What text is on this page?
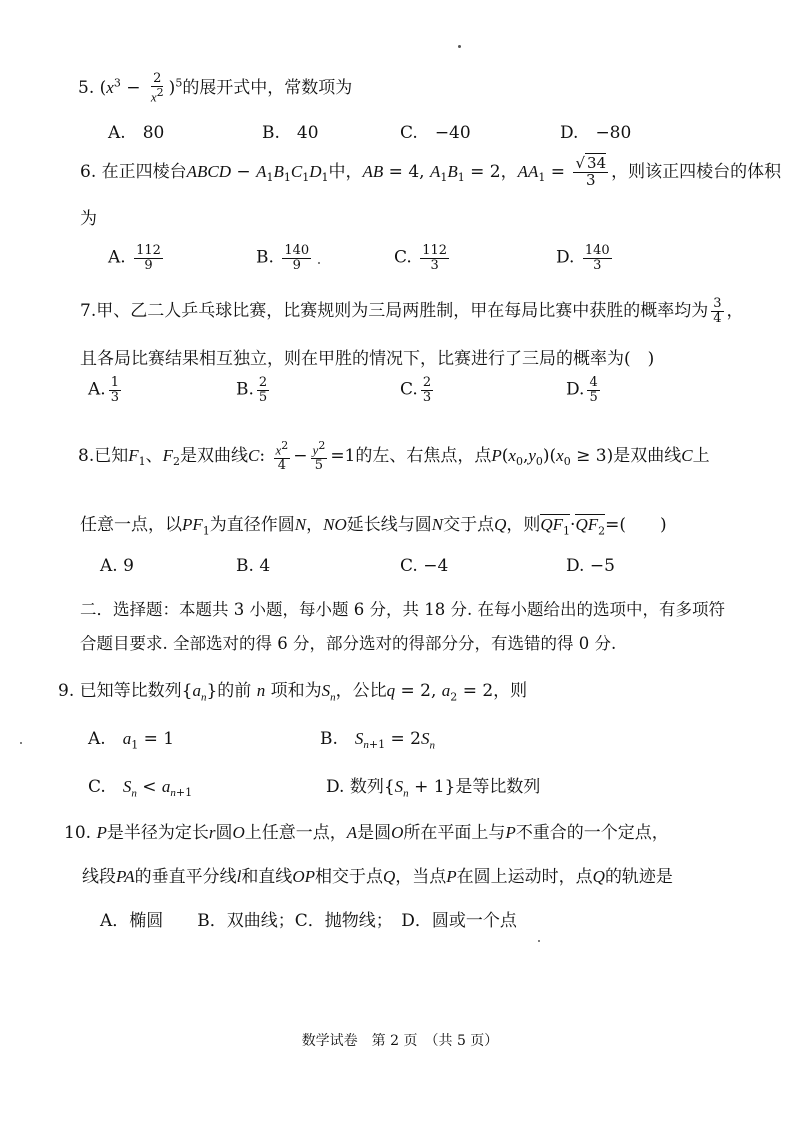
5. $(x^3 - \frac{2}{x^2} )^5$的展开式中，常数项为
A.　 80	B.　 40	C.　 −40	D.　 −80
6. 在正四棱台ABCD − $A_1B_1C_1D_1$中，AB = 4, $A_1B_1 = 2$，$AA_1 = \frac{√ 34}{3}$ ，则该正四棱台的体积
为
A. $\frac{112}{9}$	B. $\frac{140}{9}$	C. $\frac{112}{3}$	D. $\frac{140}{3}$
7.甲、乙二人乒乓球比赛，比赛规则为三局两胜制，甲在每局比赛中获胜的概率均为 $\frac{3}{4}$ ，
且各局比赛结果相互独立，则在甲胜的情况下，比赛进行了三局的概率为(　)
A. $\frac{1}{3}$	B. $\frac{2}{5}$	C. $\frac{2}{3}$	D. $\frac{4}{5}$
8.已知$F_1$、$F_2$是双曲线C: $\frac{x^2}{4} - \frac{y^2}{5} =1$的左、右焦点，点$P(x_0,y_0)(x_0 \ge 3)$是双曲线C上
任意一点，以$PF_1$为直径作圆N，NO延长线与圆N交于点Q，则$QF_1\cdot QF_2=$(　　)
A. 9	B. 4	C. −4	D. −5
二．选择题：本题共 3 小题，每小题 6 分，共 18 分. 在每小题给出的选项中，有多项符
合题目要求. 全部选对的得 6 分，部分选对的得部分分，有选错的得 0 分.
9. 已知等比数列$\{a_n\}$的前 n 项和为$S_n$，公比q = 2, $a_2 = 2$，则
A.　 $a_1 = 1$	B.　 $S_{n+1} = 2S_n$
C.　 $S_n < a_{n+1}$	D. 数列$\{S_n + 1\}$是等比数列
10. P是半径为定长r圆O上任意一点，A是圆O所在平面上与P不重合的一个定点，
线段PA的垂直平分线l和直线OP相交于点Q，当点P在圆上运动时，点Q的轨迹是
A．椭圆　　B．双曲线；C．抛物线；　D．圆或一个点
数学试卷　第 2 页　（共 5 页）
